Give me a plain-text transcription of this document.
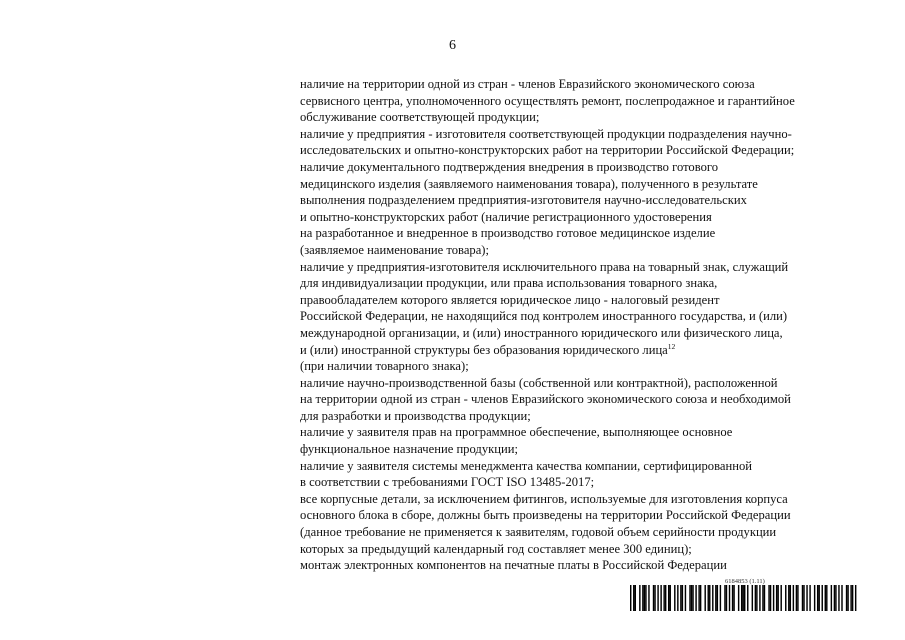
6
наличие на территории одной из стран - членов Евразийского экономического союза
сервисного центра, уполномоченного осуществлять ремонт, послепродажное и гарантийное
обслуживание соответствующей продукции;
наличие у предприятия - изготовителя соответствующей продукции подразделения научно-
исследовательских и опытно-конструкторских работ на территории Российской Федерации;
наличие документального подтверждения внедрения в производство готового
медицинского изделия (заявляемого наименования товара), полученного в результате
выполнения подразделением предприятия-изготовителя научно-исследовательских
и опытно-конструкторских работ (наличие регистрационного удостоверения
на разработанное и внедренное в производство готовое медицинское изделие
(заявляемое наименование товара);
наличие у предприятия-изготовителя исключительного права на товарный знак, служащий
для индивидуализации продукции, или права использования товарного знака,
правообладателем которого является юридическое лицо - налоговый резидент
Российской Федерации, не находящийся под контролем иностранного государства, и (или)
международной организации, и (или) иностранного юридического или физического лица,
и (или) иностранной структуры без образования юридического лица$^{12}$
(при наличии товарного знака);
наличие научно-производственной базы (собственной или контрактной), расположенной
на территории одной из стран - членов Евразийского экономического союза и необходимой
для разработки и производства продукции;
наличие у заявителя прав на программное обеспечение, выполняющее основное
функциональное назначение продукции;
наличие у заявителя системы менеджмента качества компании, сертифицированной
в соответствии с требованиями ГОСТ ISO 13485-2017;
все корпусные детали, за исключением фитингов, используемые для изготовления корпуса
основного блока в сборе, должны быть произведены на территории Российской Федерации
(данное требование не применяется к заявителям, годовой объем серийности продукции
которых за предыдущий календарный год составляет менее 300 единиц);
монтаж электронных компонентов на печатные платы в Российской Федерации
6184853 (1.11)
